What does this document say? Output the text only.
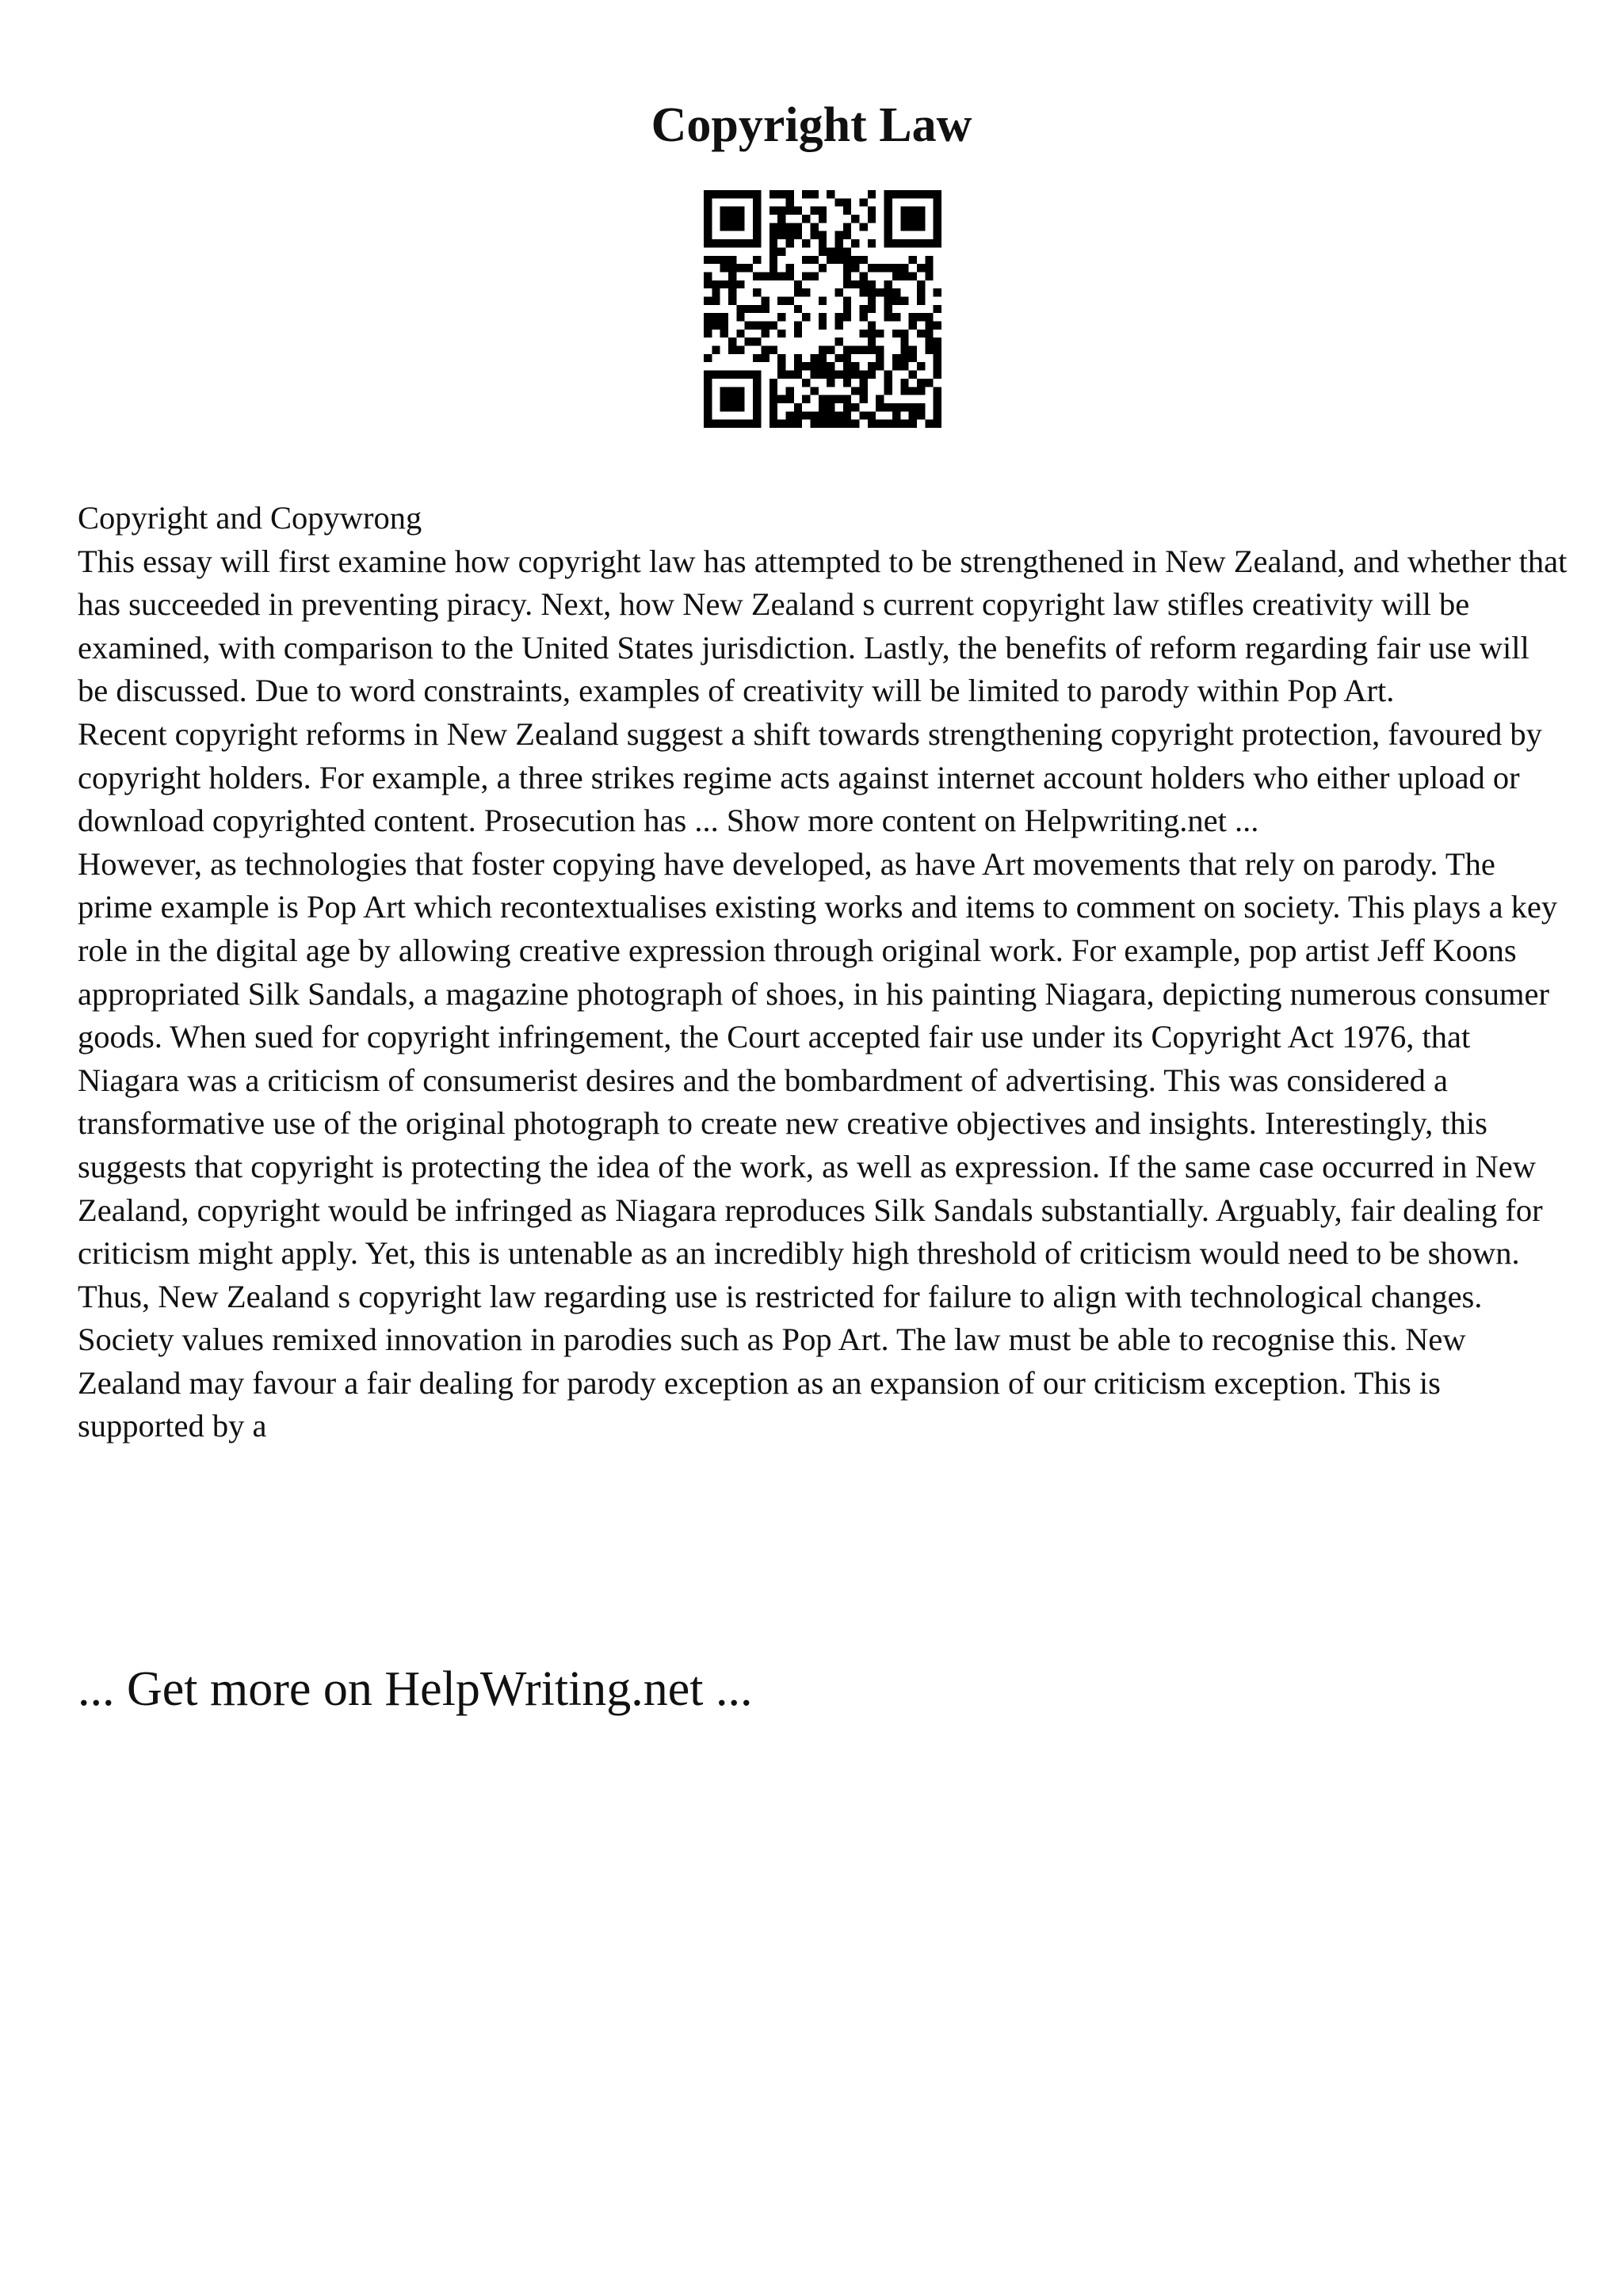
Copyright Law

Copyright and Copywrong

This essay will first examine how copyright law has attempted to be strengthened in New Zealand, and whether that has succeeded in preventing piracy. Next, how New Zealand s current copyright law stifles creativity will be examined, with comparison to the United States jurisdiction. Lastly, the benefits of reform regarding fair use will be discussed. Due to word constraints, examples of creativity will be limited to parody within Pop Art.

Recent copyright reforms in New Zealand suggest a shift towards strengthening copyright protection, favoured by copyright holders. For example, a three strikes regime acts against internet account holders who either upload or download copyrighted content. Prosecution has ... Show more content on Helpwriting.net ...

However, as technologies that foster copying have developed, as have Art movements that rely on parody. The prime example is Pop Art which recontextualises existing works and items to comment on society. This plays a key role in the digital age by allowing creative expression through original work. For example, pop artist Jeff Koons appropriated Silk Sandals, a magazine photograph of shoes, in his painting Niagara, depicting numerous consumer goods. When sued for copyright infringement, the Court accepted fair use under its Copyright Act 1976, that Niagara was a criticism of consumerist desires and the bombardment of advertising. This was considered a transformative use of the original photograph to create new creative objectives and insights. Interestingly, this suggests that copyright is protecting the idea of the work, as well as expression. If the same case occurred in New Zealand, copyright would be infringed as Niagara reproduces Silk Sandals substantially. Arguably, fair dealing for criticism might apply. Yet, this is untenable as an incredibly high threshold of criticism would need to be shown. Thus, New Zealand s copyright law regarding use is restricted for failure to align with technological changes. Society values remixed innovation in parodies such as Pop Art. The law must be able to recognise this. New Zealand may favour a fair dealing for parody exception as an expansion of our criticism exception. This is supported by a

... Get more on HelpWriting.net ...
